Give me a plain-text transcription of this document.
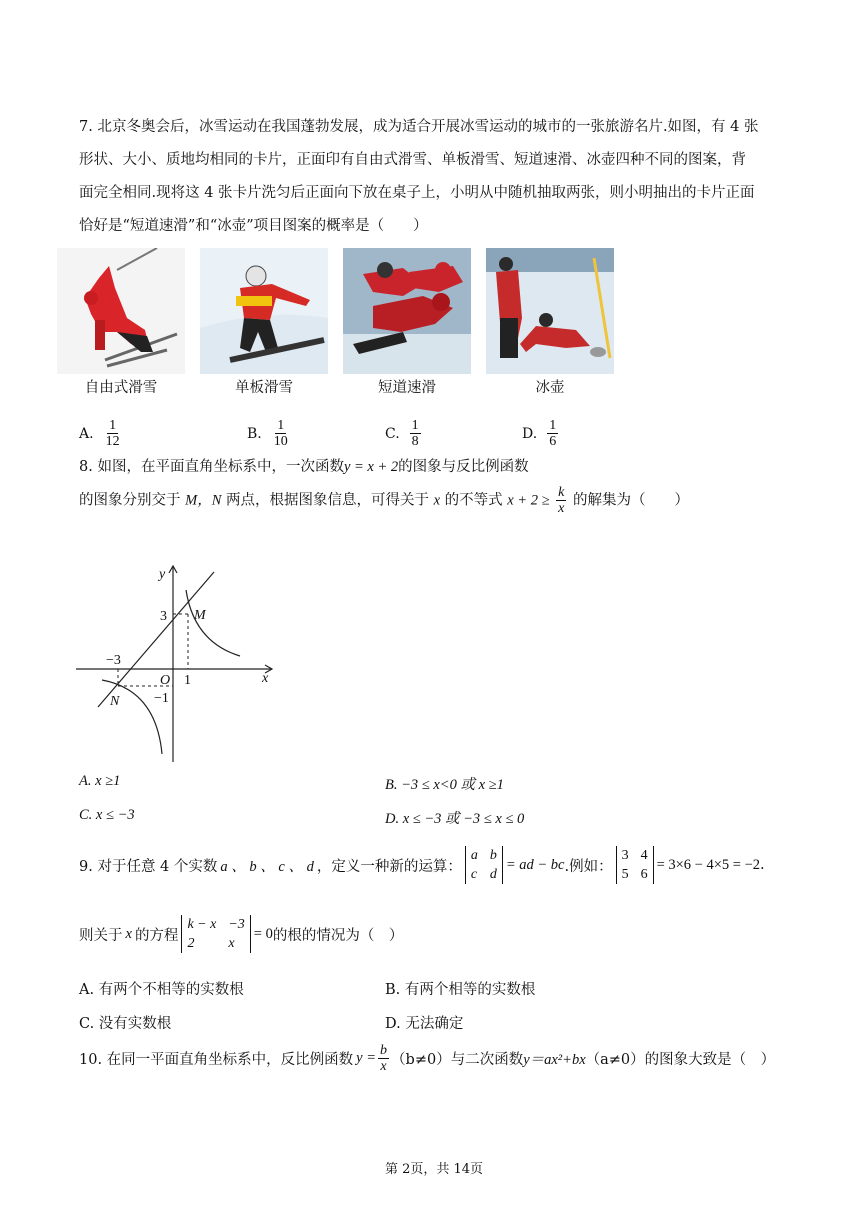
7. 北京冬奥会后，冰雪运动在我国蓬勃发展，成为适合开展冰雪运动的城市的一张旅游名片.如图，有 4 张
形状、大小、质地均相同的卡片，正面印有自由式滑雪、单板滑雪、短道速滑、冰壶四种不同的图案，背
面完全相同.现将这 4 张卡片洗匀后正面向下放在桌子上，小明从中随机抽取两张，则小明抽出的卡片正面
恰好是“短道速滑”和“冰壶”项目图案的概率是（　　）
自由式滑雪	单板滑雪	短道速滑	冰壶
A. $\frac{1}{12}$	B. $\frac{1}{10}$	C. $\frac{1}{8}$	D. $\frac{1}{6}$
8. 如图，在平面直角坐标系中，一次函数y = x + 2的图象与反比例函数
的图象分别交于 M，N 两点，根据图象信息，可得关于 x 的不等式 $x + 2 \ge \frac{k}{x}$ 的解集为（　　）
y
x
O
M
N
3
−3
1
−1
A. x ≥1	B. −3 ≤ x<0 或 x ≥1
C. x ≤ −3	D. x ≤ −3 或 −3 ≤ x ≤ 0
9. 对于任意 4 个实数 a 、 b 、 c 、 d ，定义一种新的运算：
a b
c d
= ad − bc .例如：
3 4
5 6
= 3×6 − 4×5 = −2 .
则关于 x 的方程
k − x −3
2	x
= 0 的根的情况为（　）
A. 有两个不相等的实数根	B. 有两个相等的实数根
C. 没有实数根	D. 无法确定
10. 在同一平面直角坐标系中，反比例函数 $y = \frac{b}{x} (b\ne 0)$与二次函数 y＝ax²+bx （a≠0）的图象大致是（　）
第 2页，共 14页
